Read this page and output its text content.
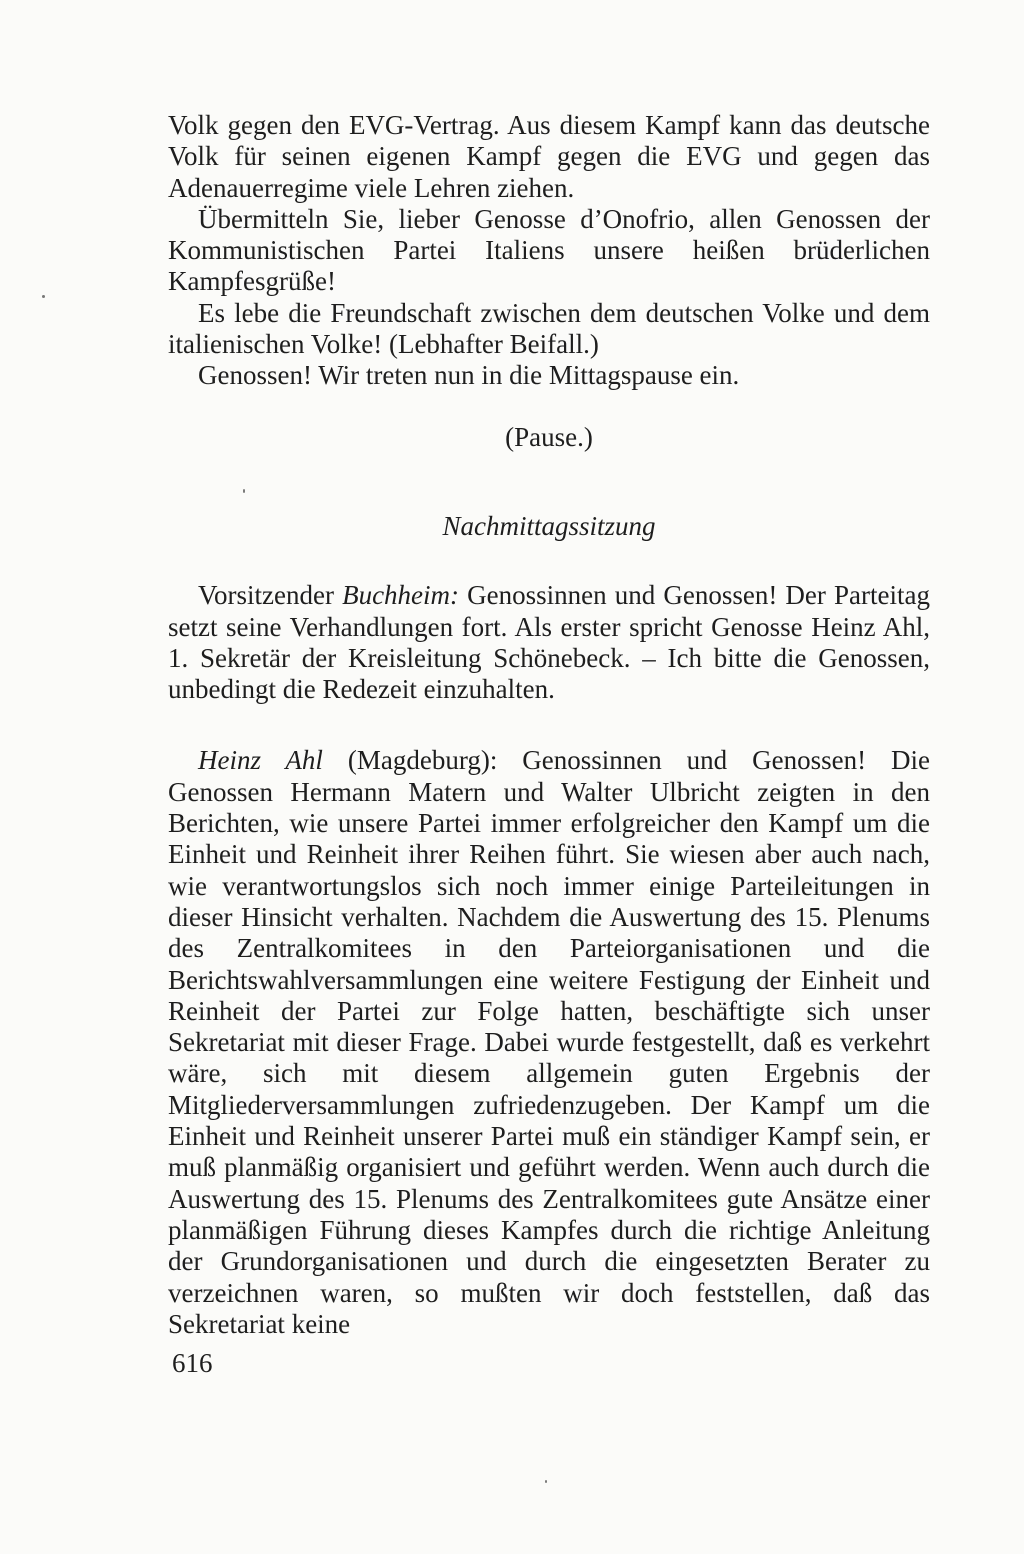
Volk gegen den EVG-Vertrag. Aus diesem Kampf kann das deutsche Volk für seinen eigenen Kampf gegen die EVG und gegen das Adenauerregime viele Lehren ziehen.

Übermitteln Sie, lieber Genosse d’Onofrio, allen Genossen der Kommunistischen Partei Italiens unsere heißen brüderlichen Kampfesgrüße!

Es lebe die Freundschaft zwischen dem deutschen Volke und dem italienischen Volke! (Lebhafter Beifall.)

Genossen! Wir treten nun in die Mittagspause ein.

(Pause.)

Nachmittagssitzung

Vorsitzender Buchheim: Genossinnen und Genossen! Der Parteitag setzt seine Verhandlungen fort. Als erster spricht Genosse Heinz Ahl, 1. Sekretär der Kreisleitung Schönebeck. – Ich bitte die Genossen, unbedingt die Redezeit einzuhalten.

Heinz Ahl (Magdeburg): Genossinnen und Genossen! Die Genossen Hermann Matern und Walter Ulbricht zeigten in den Berichten, wie unsere Partei immer erfolgreicher den Kampf um die Einheit und Reinheit ihrer Reihen führt. Sie wiesen aber auch nach, wie verantwortungslos sich noch immer einige Parteileitungen in dieser Hinsicht verhalten. Nachdem die Auswertung des 15. Plenums des Zentralkomitees in den Parteiorganisationen und die Berichtswahlversammlungen eine weitere Festigung der Einheit und Reinheit der Partei zur Folge hatten, beschäftigte sich unser Sekretariat mit dieser Frage. Dabei wurde festgestellt, daß es verkehrt wäre, sich mit diesem allgemein guten Ergebnis der Mitgliederversammlungen zufriedenzugeben. Der Kampf um die Einheit und Reinheit unserer Partei muß ein ständiger Kampf sein, er muß planmäßig organisiert und geführt werden. Wenn auch durch die Auswertung des 15. Plenums des Zentralkomitees gute Ansätze einer planmäßigen Führung dieses Kampfes durch die richtige Anleitung der Grundorganisationen und durch die eingesetzten Berater zu verzeichnen waren, so mußten wir doch feststellen, daß das Sekretariat keine

616
